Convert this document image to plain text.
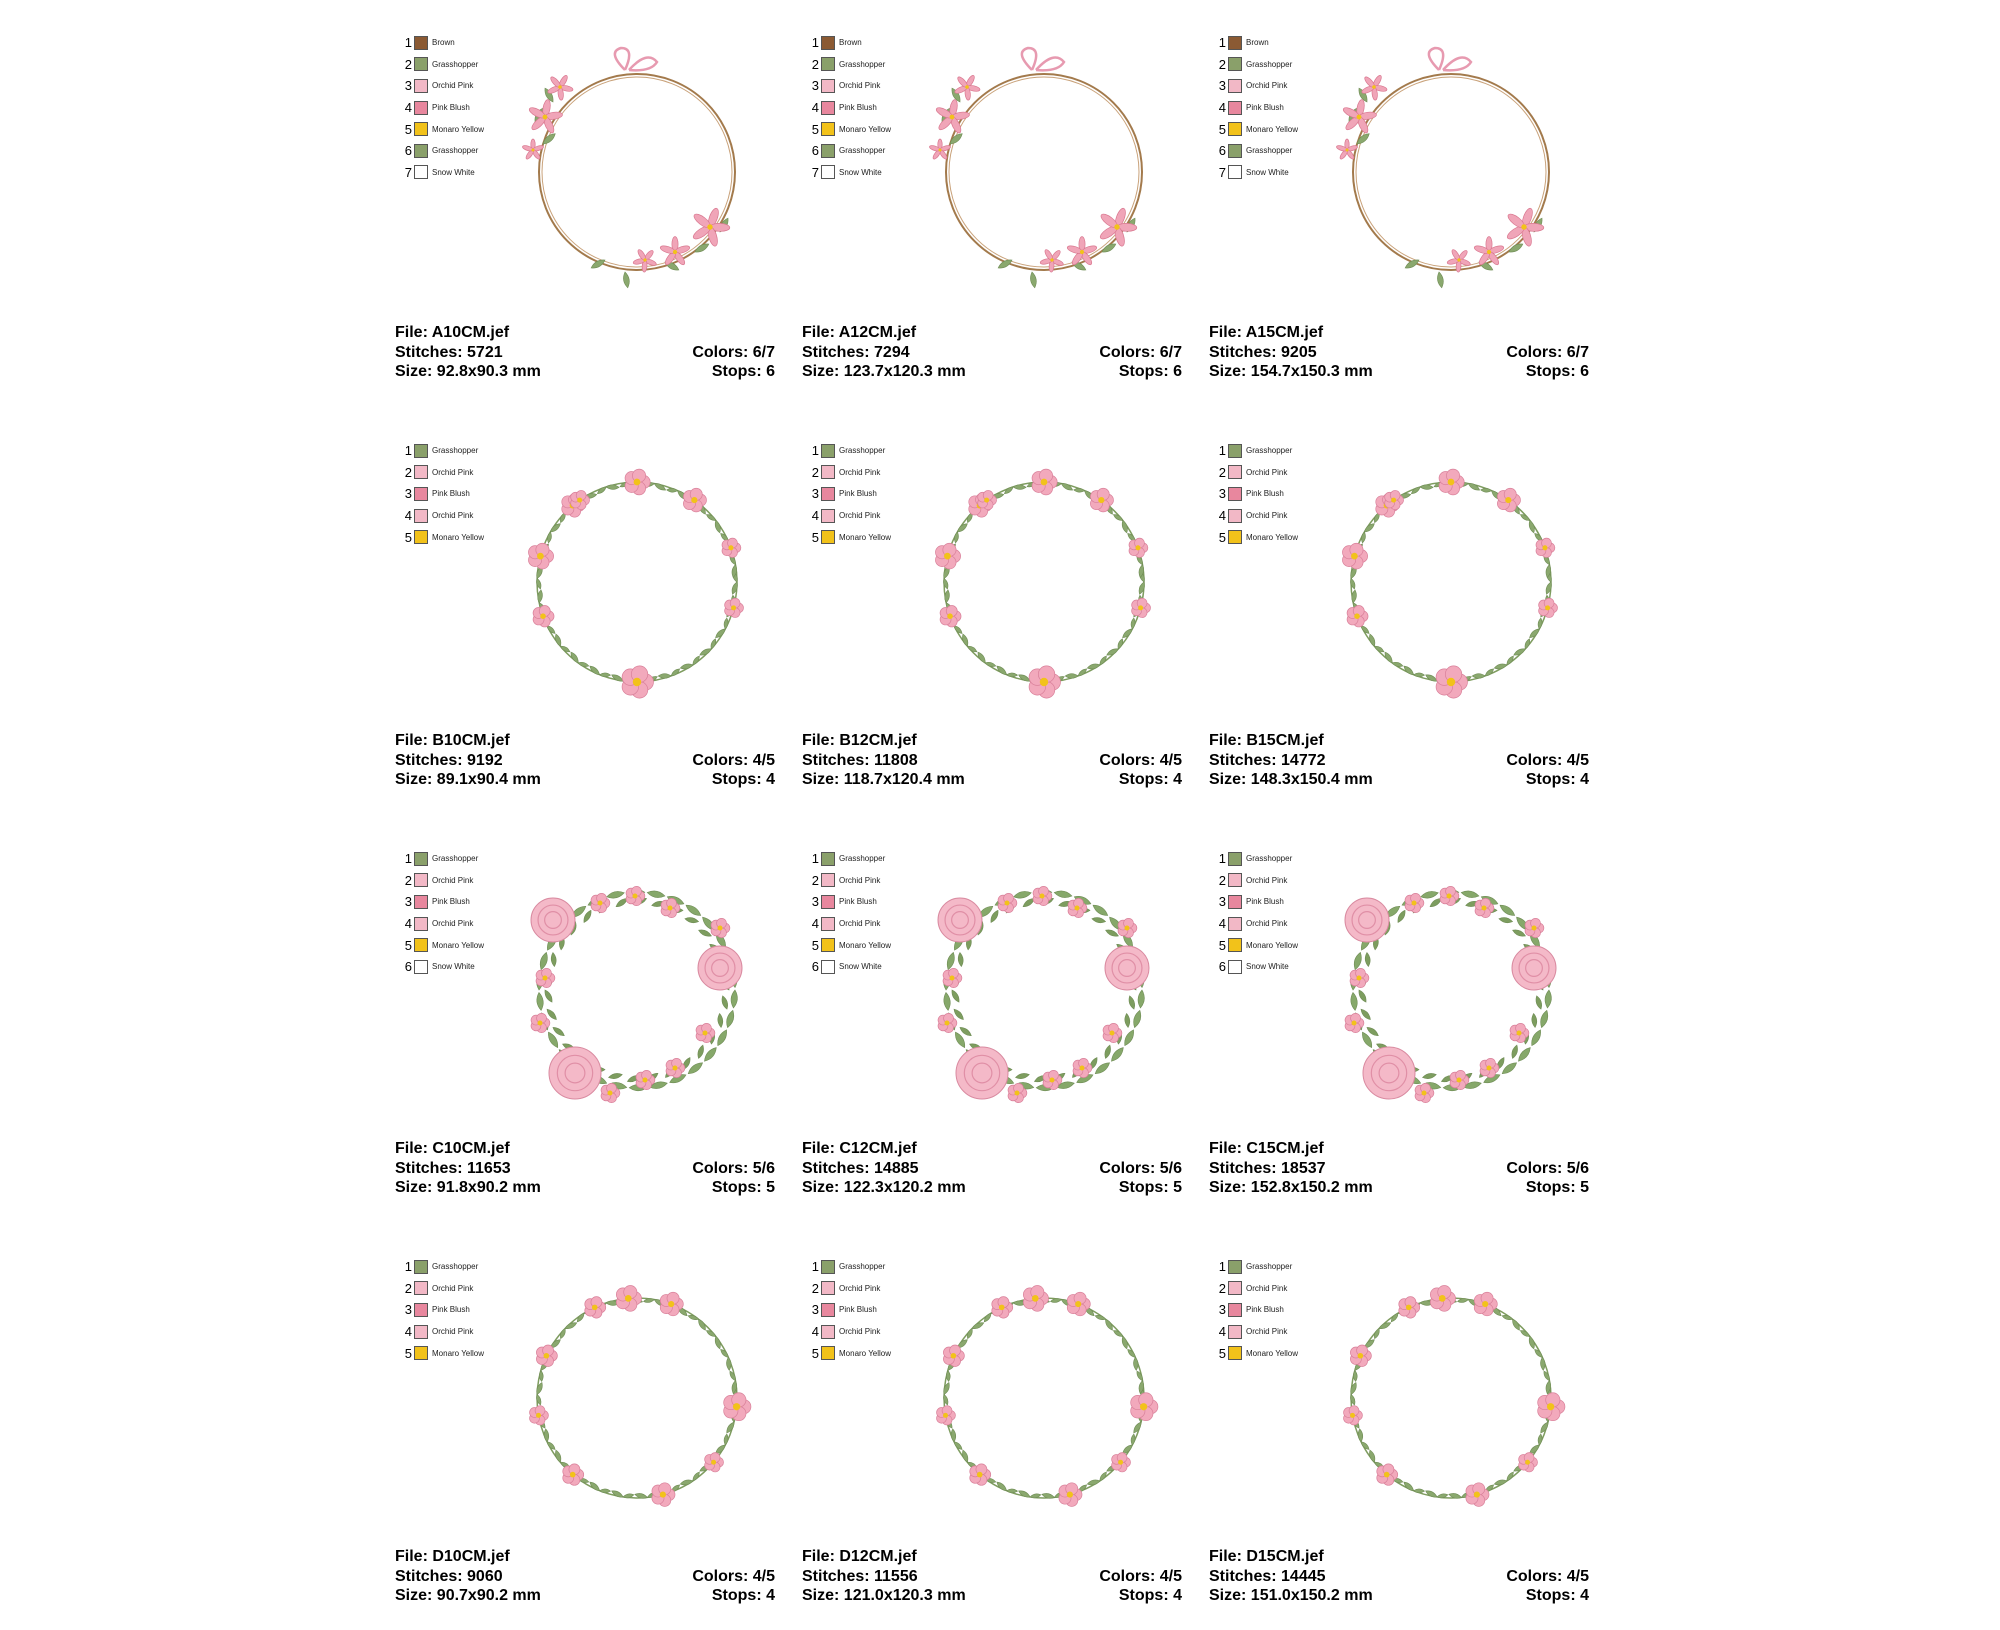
1	Brown
2	Grasshopper
3	Orchid Pink
4	Pink Blush
5	Monaro Yellow
6	Grasshopper
7	Snow White
File: A10CM.jef
Stitches: 5721	Colors: 6/7
Size: 92.8x90.3 mm	Stops: 6
1	Brown
2	Grasshopper
3	Orchid Pink
4	Pink Blush
5	Monaro Yellow
6	Grasshopper
7	Snow White
File: A12CM.jef
Stitches: 7294	Colors: 6/7
Size: 123.7x120.3 mm	Stops: 6
1	Brown
2	Grasshopper
3	Orchid Pink
4	Pink Blush
5	Monaro Yellow
6	Grasshopper
7	Snow White
File: A15CM.jef
Stitches: 9205	Colors: 6/7
Size: 154.7x150.3 mm	Stops: 6
1	Grasshopper
2	Orchid Pink
3	Pink Blush
4	Orchid Pink
5	Monaro Yellow
File: B10CM.jef
Stitches: 9192	Colors: 4/5
Size: 89.1x90.4 mm	Stops: 4
1	Grasshopper
2	Orchid Pink
3	Pink Blush
4	Orchid Pink
5	Monaro Yellow
File: B12CM.jef
Stitches: 11808	Colors: 4/5
Size: 118.7x120.4 mm	Stops: 4
1	Grasshopper
2	Orchid Pink
3	Pink Blush
4	Orchid Pink
5	Monaro Yellow
File: B15CM.jef
Stitches: 14772	Colors: 4/5
Size: 148.3x150.4 mm	Stops: 4
1	Grasshopper
2	Orchid Pink
3	Pink Blush
4	Orchid Pink
5	Monaro Yellow
6	Snow White
File: C10CM.jef
Stitches: 11653	Colors: 5/6
Size: 91.8x90.2 mm	Stops: 5
1	Grasshopper
2	Orchid Pink
3	Pink Blush
4	Orchid Pink
5	Monaro Yellow
6	Snow White
File: C12CM.jef
Stitches: 14885	Colors: 5/6
Size: 122.3x120.2 mm	Stops: 5
1	Grasshopper
2	Orchid Pink
3	Pink Blush
4	Orchid Pink
5	Monaro Yellow
6	Snow White
File: C15CM.jef
Stitches: 18537	Colors: 5/6
Size: 152.8x150.2 mm	Stops: 5
1	Grasshopper
2	Orchid Pink
3	Pink Blush
4	Orchid Pink
5	Monaro Yellow
File: D10CM.jef
Stitches: 9060	Colors: 4/5
Size: 90.7x90.2 mm	Stops: 4
1	Grasshopper
2	Orchid Pink
3	Pink Blush
4	Orchid Pink
5	Monaro Yellow
File: D12CM.jef
Stitches: 11556	Colors: 4/5
Size: 121.0x120.3 mm	Stops: 4
1	Grasshopper
2	Orchid Pink
3	Pink Blush
4	Orchid Pink
5	Monaro Yellow
File: D15CM.jef
Stitches: 14445	Colors: 4/5
Size: 151.0x150.2 mm	Stops: 4
